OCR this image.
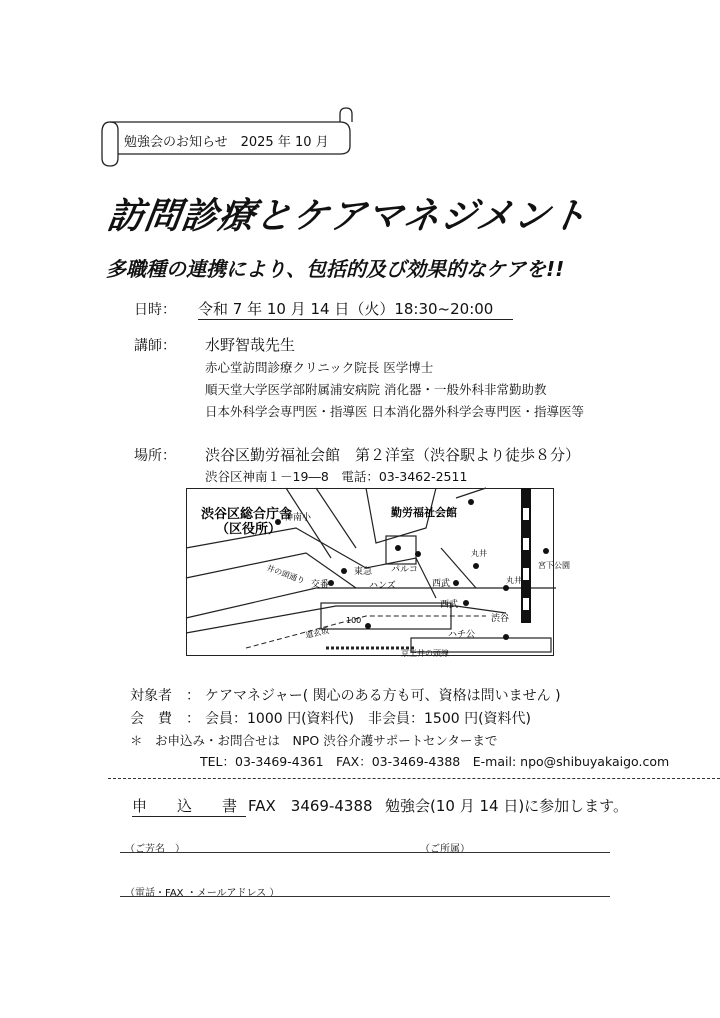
勉強会のお知らせ　2025 年 10 月
訪問診療とケアマネジメント
多職種の連携により、包括的及び効果的なケアを!!
日時： 令和 7 年 10 月 14 日（火）18:30~20:00
講師： 水野智哉先生
赤心堂訪問診療クリニック院長 医学博士
順天堂大学医学部附属浦安病院 消化器・一般外科非常勤助教
日本外科学会専門医・指導医 日本消化器外科学会専門医・指導医等
場所： 渋谷区勤労福祉会館　第２洋室（渋谷駅より徒歩８分）
渋谷区神南１－19―8　電話：03-3462-2511
渋谷区総合庁舎
（区役所）
勤労福祉会館
神南小
パルコ
東急
ハンズ
丸井
西武
西武
渋谷
ハチ公
宮下公園
井の頭通り 交番
100
道玄坂
京王井の頭線
丸井
対象者　： ケアマネジャー( 関心のある方も可、資格は問いません )
会　費　： 会員：1000 円(資料代)　非会員：1500 円(資料代)
＊　お申込み・お問合せは　NPO 渋谷介護サポートセンターまで
TEL：03-3469-4361　FAX：03-3469-4388　E-mail: npo@shibuyakaigo.com
申　　込　　書 FAX　3469-4388 勉強会(10 月 14 日)に参加します。
（ご芳名　）	（ご所属）
（電話・FAX ・メールアドレス ）
